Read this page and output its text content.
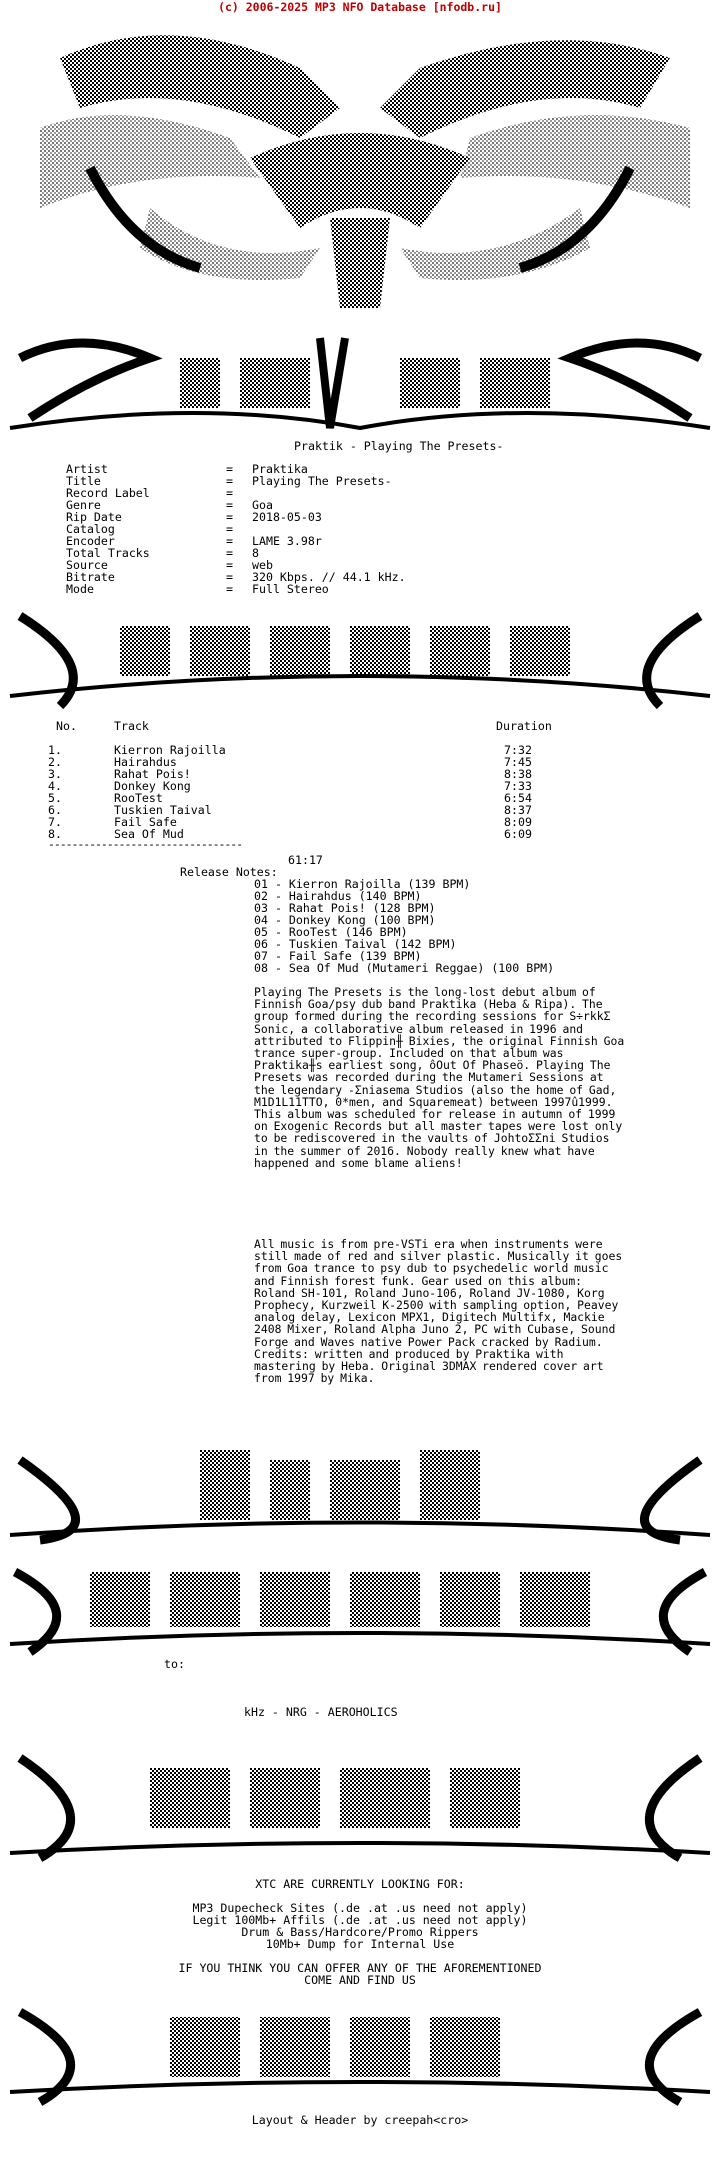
(c) 2006-2025 MP3 NFO Database [nfodb.ru]
Praktik - Playing The Presets-
Artist	= Praktika
Title	= Playing The Presets-
Record Label	=
Genre	= Goa
Rip Date	= 2018-05-03
Catalog	=
Encoder	= LAME 3.98r
Total Tracks	= 8
Source	= web
Bitrate	= 320 Kbps. // 44.1 kHz.
Mode	= Full Stereo
No.	Track	Duration
1.	Kierron Rajoilla	7:32
2.	Hairahdus	7:45
3.	Rahat Pois!	8:38
4.	Donkey Kong	7:33
5.	RooTest	6:54
6.	Tuskien Taival	8:37
7.	Fail Safe	8:09
8.	Sea Of Mud	6:09
---------------------------------
61:17
Release Notes:
01 - Kierron Rajoilla (139 BPM)
02 - Hairahdus (140 BPM)
03 - Rahat Pois! (128 BPM)
04 - Donkey Kong (100 BPM)
05 - RooTest (146 BPM)
06 - Tuskien Taival (142 BPM)
07 - Fail Safe (139 BPM)
08 - Sea Of Mud (Mutameri Reggae) (100 BPM)
Playing The Presets is the long-lost debut album of Finnish Goa/psy dub band Praktika (Heba & Ripa). The group formed during the recording sessions for S÷rkkΣ Sonic, a collaborative album released in 1996 and attributed to Flippin╫ Bixies, the original Finnish Goa trance super-group. Included on that album was Praktika╫s earliest song, ôOut Of Phaseö. Playing The Presets was recorded during the Mutameri Sessions at the legendary -Σniasema Studios (also the home of Gad, M1D1L11TTO, 0*men, and Squaremeat) between 1997û1999. This album was scheduled for release in autumn of 1999 on Exogenic Records but all master tapes were lost only to be rediscovered in the vaults of JohtoΣΣni Studios in the summer of 2016. Nobody really knew what have happened and some blame aliens!
All music is from pre-VSTi era when instruments were still made of red and silver plastic. Musically it goes from Goa trance to psy dub to psychedelic world music and Finnish forest funk. Gear used on this album: Roland SH-101, Roland Juno-106, Roland JV-1080, Korg Prophecy, Kurzweil K-2500 with sampling option, Peavey analog delay, Lexicon MPX1, Digitech Multifx, Mackie 2408 Mixer, Roland Alpha Juno 2, PC with Cubase, Sound Forge and Waves native Power Pack cracked by Radium. Credits: written and produced by Praktika with mastering by Heba. Original 3DMAX rendered cover art from 1997 by Mika.
to:
kHz - NRG - AEROHOLICS
XTC ARE CURRENTLY LOOKING FOR:
MP3 Dupecheck Sites (.de .at .us need not apply)
Legit 100Mb+ Affils (.de .at .us need not apply)
Drum & Bass/Hardcore/Promo Rippers
10Mb+ Dump for Internal Use
IF YOU THINK YOU CAN OFFER ANY OF THE AFOREMENTIONED
COME AND FIND US
Layout & Header by creepah<cro>
